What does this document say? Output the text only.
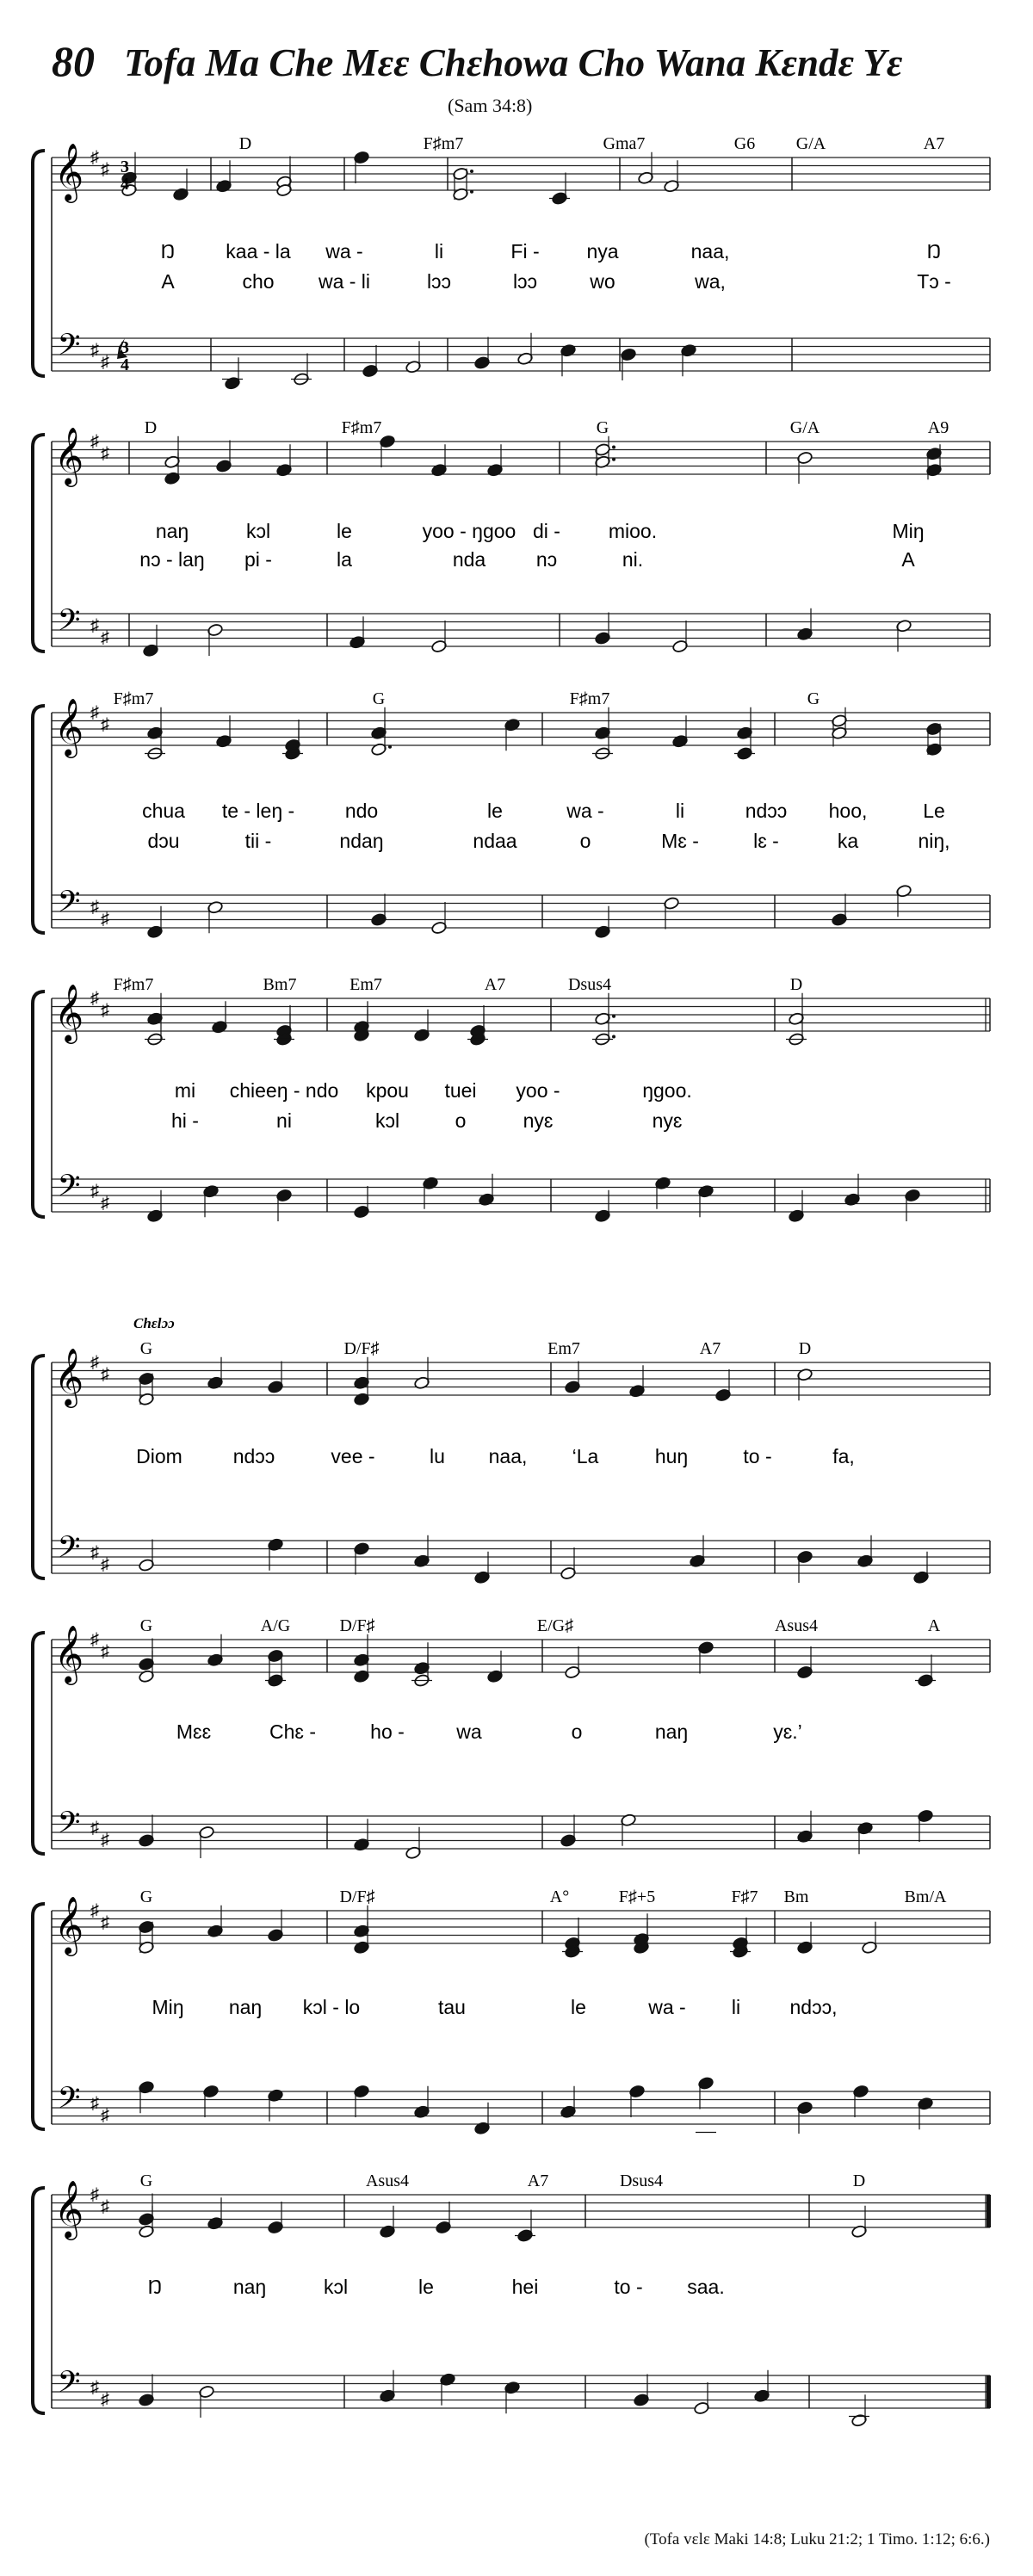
80 Tofa Ma Che Mɛɛ Chɛhowa Cho Wana Kɛndɛ Yɛ
(Sam 34:8)
𝄞
𝄢
♯
♯
♯
♯
3
4
3
4
D	F♯m7	Gma7	G6 G/A	A7
Ŋ	kaa - la wa -	li	Fi - nya	naa,	Ŋ
A	cho wa - li	lɔɔ	lɔɔ	wo	wa,	Tɔ -
𝄞
𝄢
♯
♯
♯
♯
D	F♯m7	G	G/A	A9
naŋ	kɔl	le	yoo - ŋgoo di - mioo.	Miŋ
nɔ - laŋ pi -	la	nda	nɔ	ni.	A
𝄞
𝄢
♯
♯
♯
♯
F♯m7	G	F♯m7	G
chua te - leŋ -	ndo	le	wa -	li	ndɔɔ hoo,	Le
dɔu	tii -	ndaŋ	ndaa	o	Mɛ -	lɛ -	ka	niŋ,
𝄞
𝄢
♯
♯
♯
♯
F♯m7	Bm7	Em7	A7	Dsus4	D
mi chieeŋ - ndo kpou tuei yoo -	ŋgoo.
hi -	ni	kɔl	o	nyɛ	nyɛ
𝄞
𝄢
♯
♯
♯
♯
Chɛlɔɔ
G	D/F♯	Em7	A7	D
Diom	ndɔɔ	vee -	lu naa, ‘La	huŋ	to -	fa,
𝄞
𝄢
♯
♯
♯
♯
G	A/G	D/F♯	E/G♯	Asus4	A
Mɛɛ	Chɛ -	ho -	wa	o	naŋ	yɛ.’
𝄞
𝄢
♯
♯
♯
♯
G	D/F♯	A°	F♯+5	F♯7 Bm	Bm/A
Miŋ naŋ kɔl - lo	tau	le	wa - li ndɔɔ,
𝄞
𝄢
♯
♯
♯
♯
G	Asus4	A7	Dsus4	D
Ŋ	naŋ	kɔl	le	hei	to - saa.
(Tofa vɛlɛ Maki 14:8; Luku 21:2; 1 Timo. 1:12; 6:6.)
